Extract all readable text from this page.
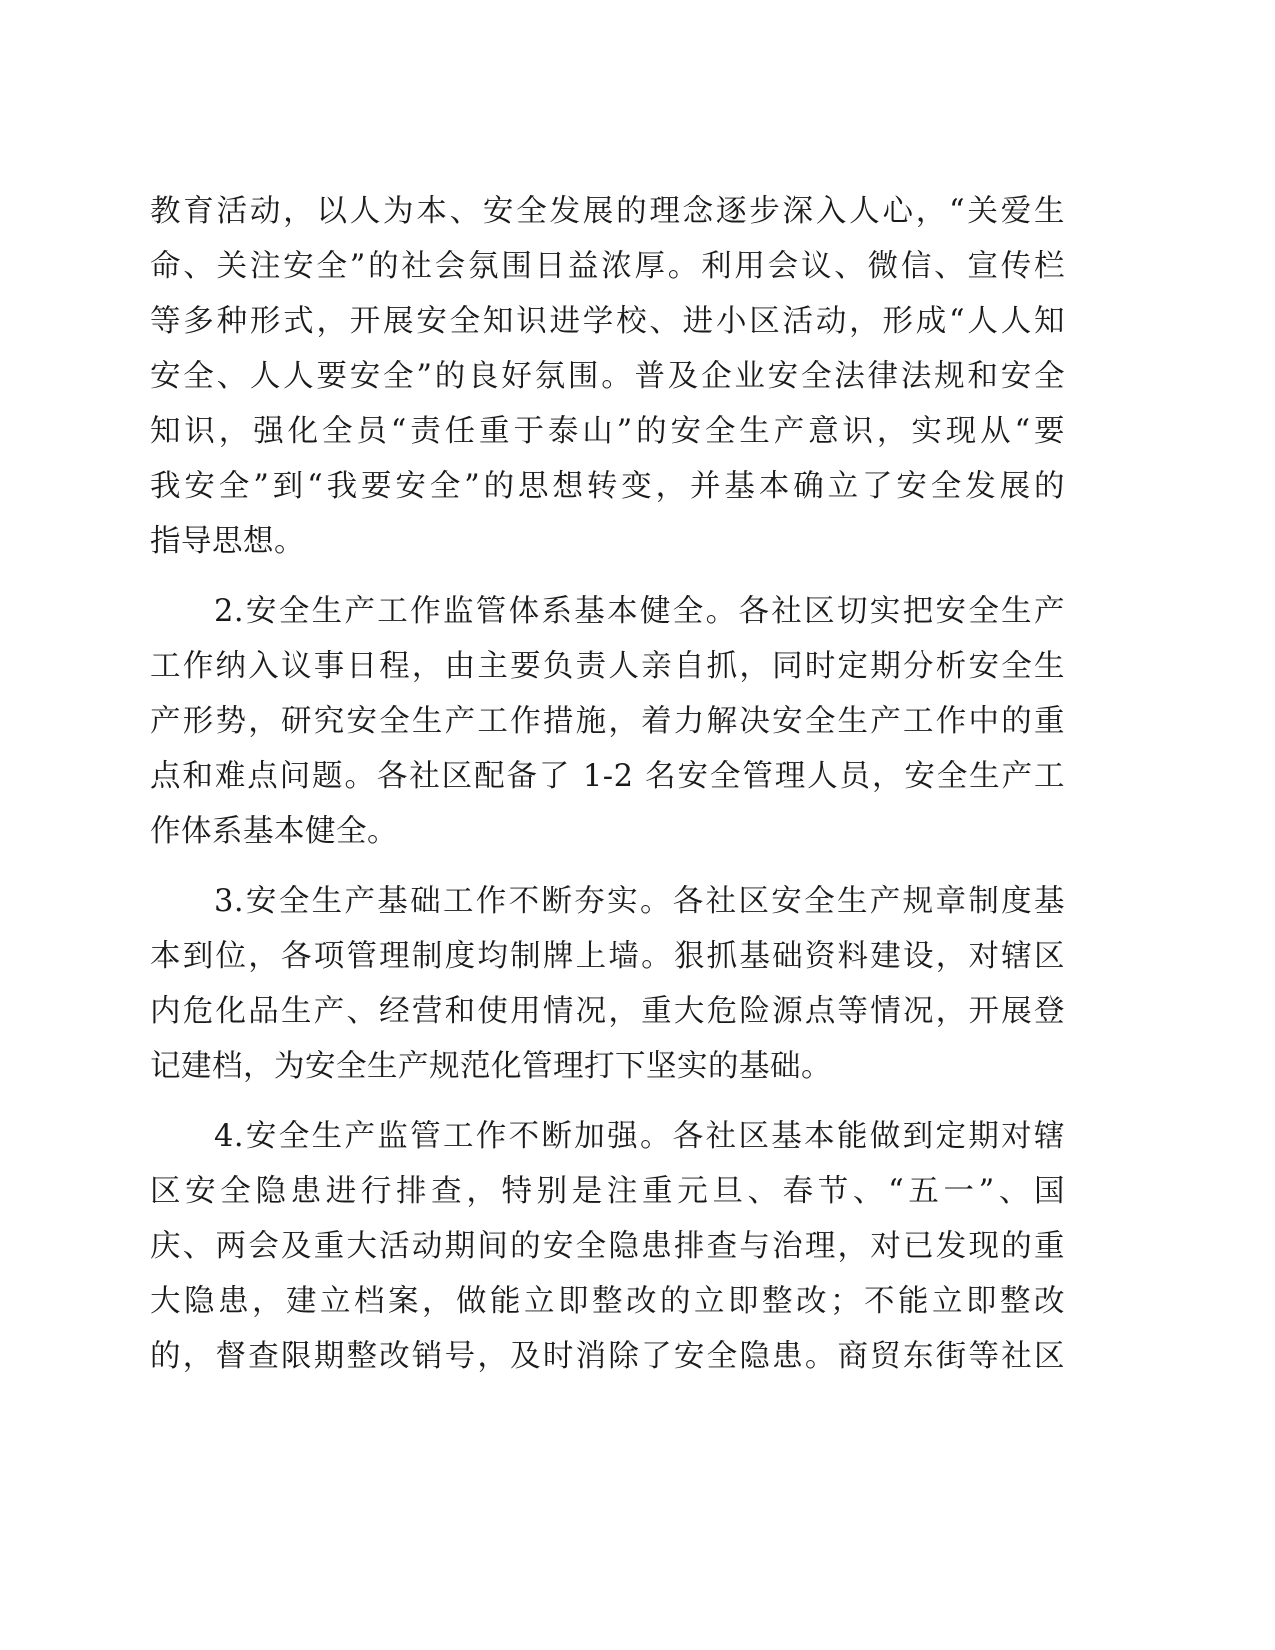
教育活动，以人为本、安全发展的理念逐步深入人心，“关爱生
命、关注安全”的社会氛围日益浓厚。利用会议、微信、宣传栏
等多种形式，开展安全知识进学校、进小区活动，形成“人人知
安全、人人要安全”的良好氛围。普及企业安全法律法规和安全
知识，强化全员“责任重于泰山”的安全生产意识，实现从“要
我安全”到“我要安全”的思想转变，并基本确立了安全发展的
指导思想。

2.安全生产工作监管体系基本健全。各社区切实把安全生产
工作纳入议事日程，由主要负责人亲自抓，同时定期分析安全生
产形势，研究安全生产工作措施，着力解决安全生产工作中的重
点和难点问题。各社区配备了 1-2 名安全管理人员，安全生产工
作体系基本健全。

3.安全生产基础工作不断夯实。各社区安全生产规章制度基
本到位，各项管理制度均制牌上墙。狠抓基础资料建设，对辖区
内危化品生产、经营和使用情况，重大危险源点等情况，开展登
记建档，为安全生产规范化管理打下坚实的基础。

4.安全生产监管工作不断加强。各社区基本能做到定期对辖
区安全隐患进行排查，特别是注重元旦、春节、“五一”、国
庆、两会及重大活动期间的安全隐患排查与治理，对已发现的重
大隐患，建立档案，做能立即整改的立即整改；不能立即整改
的，督查限期整改销号，及时消除了安全隐患。商贸东街等社区
